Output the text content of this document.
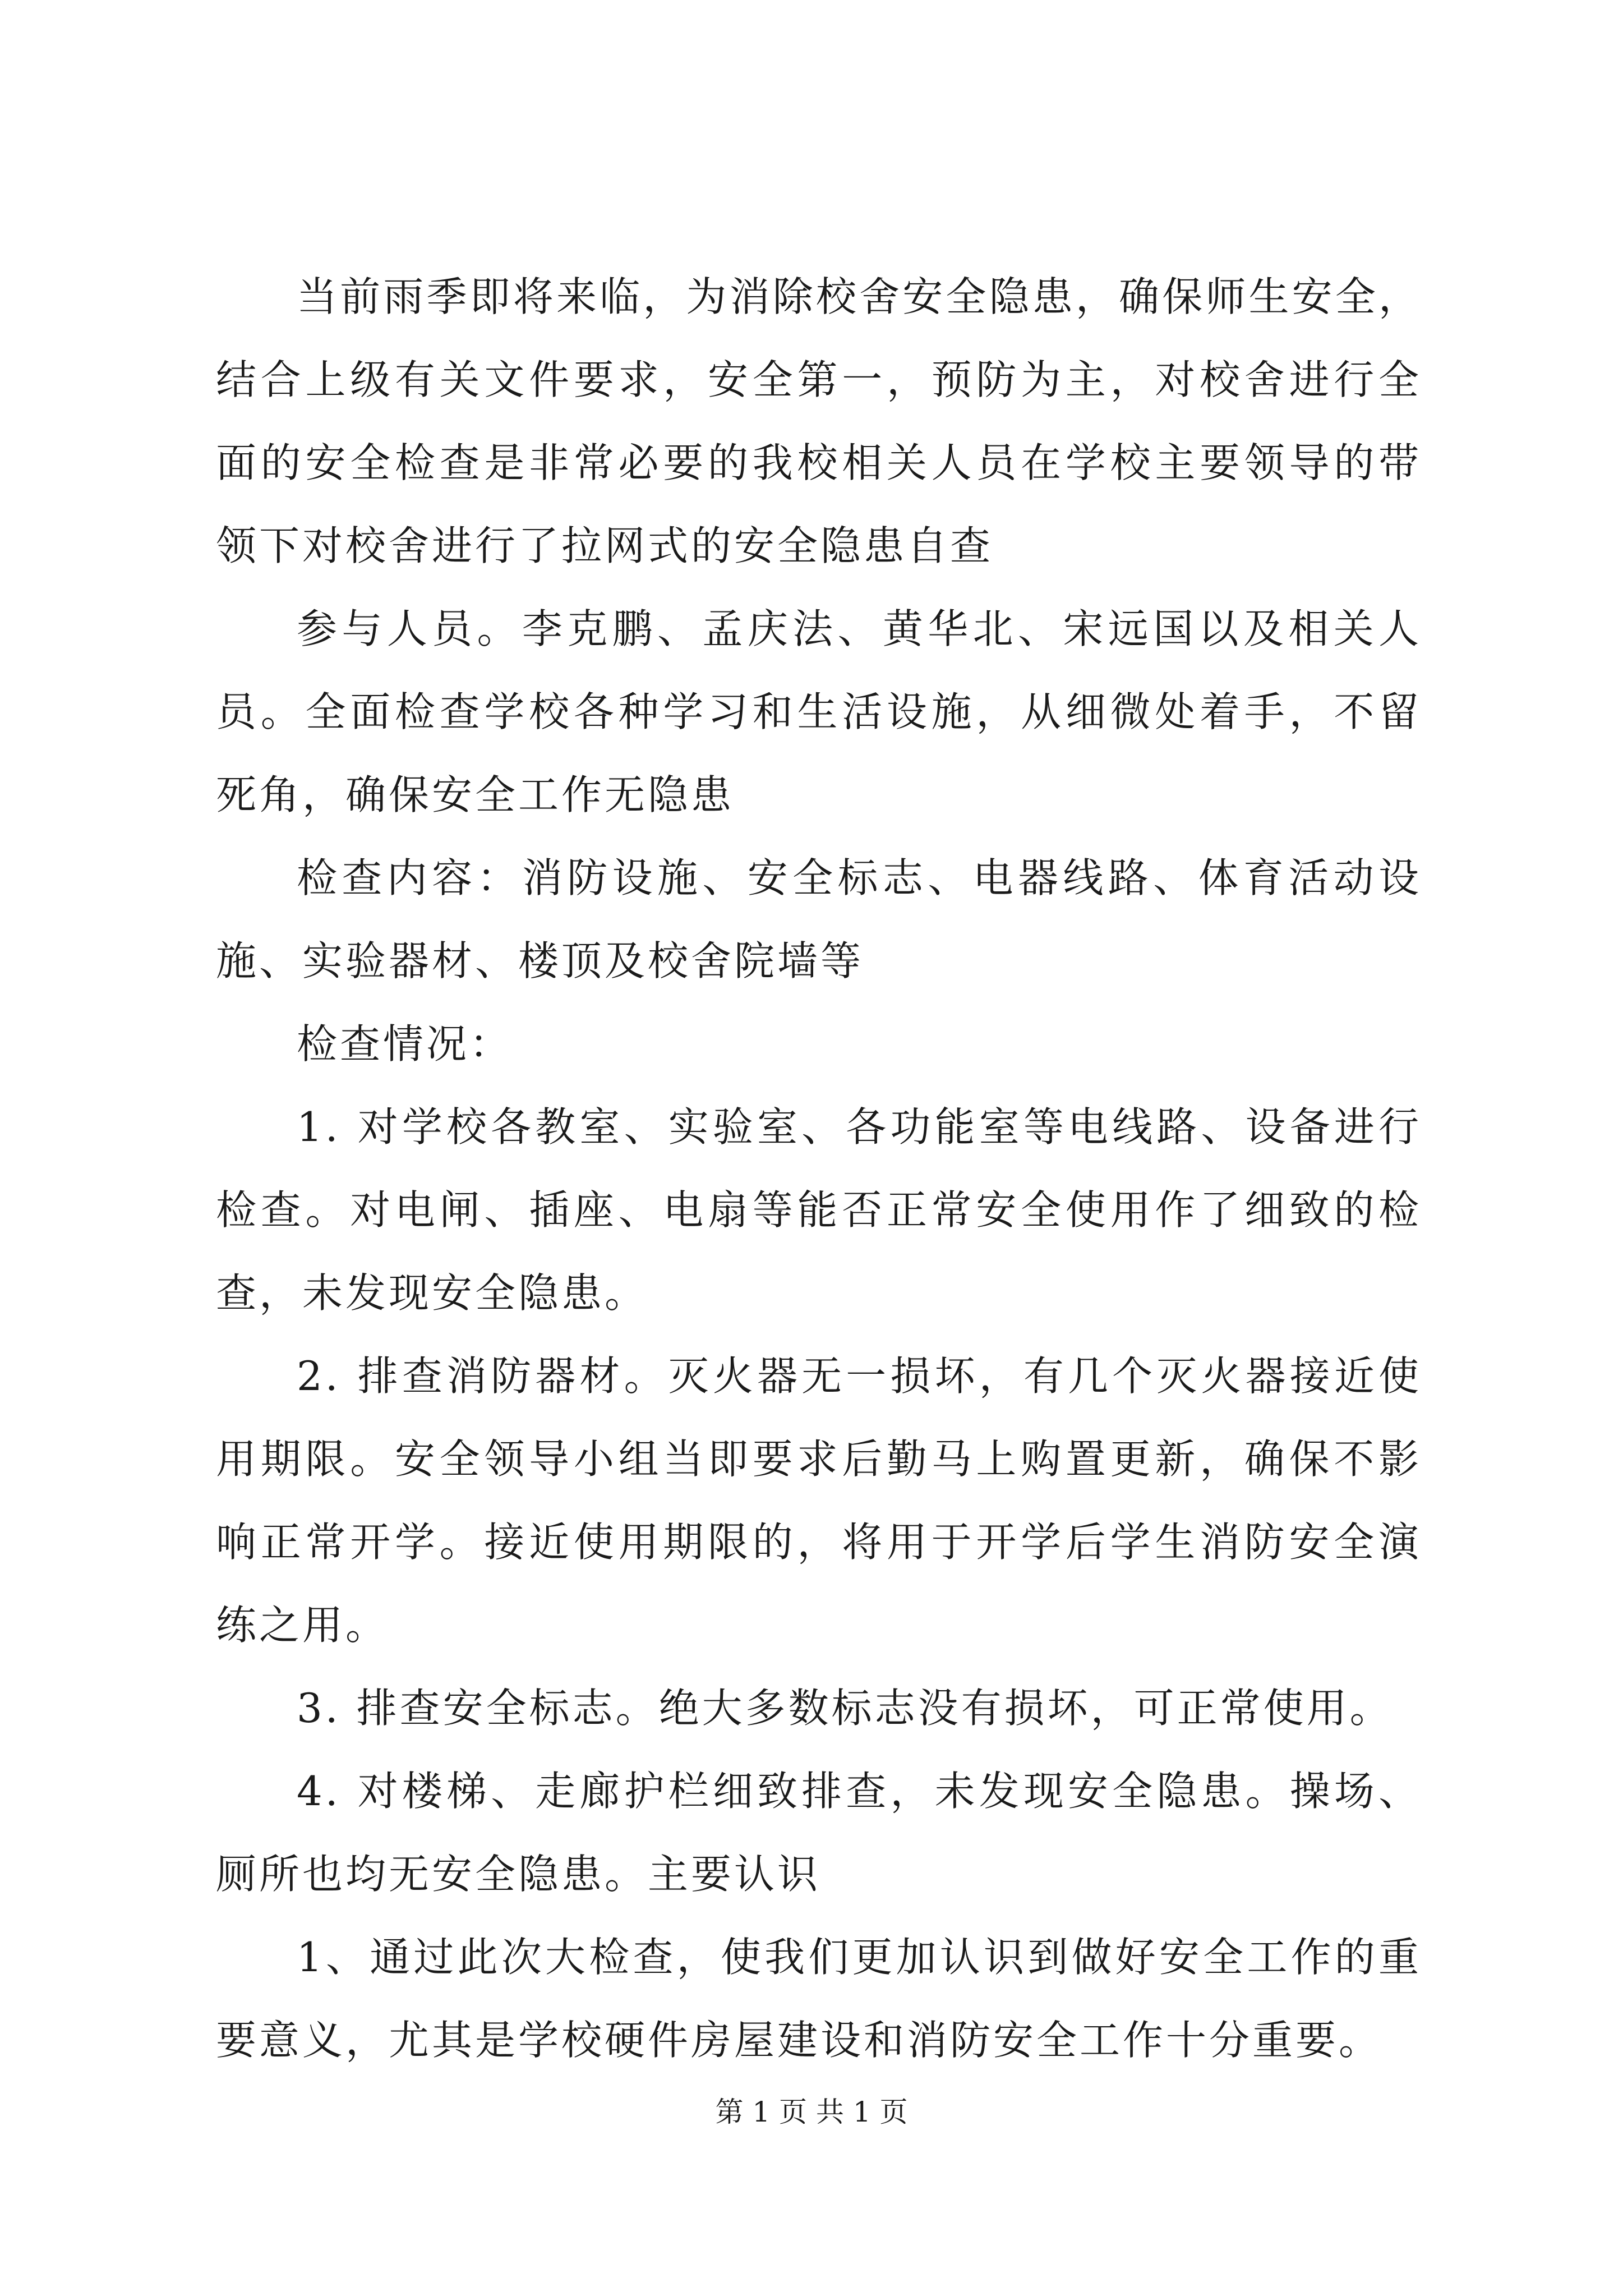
当前雨季即将来临，为消除校舍安全隐患，确保师生安全，结合上级有关文件要求，安全第一，预防为主，对校舍进行全面的安全检查是非常必要的我校相关人员在学校主要领导的带领下对校舍进行了拉网式的安全隐患自查

参与人员。李克鹏、孟庆法、黄华北、宋远国以及相关人员。全面检查学校各种学习和生活设施，从细微处着手，不留死角，确保安全工作无隐患

检查内容：消防设施、安全标志、电器线路、体育活动设施、实验器材、楼顶及校舍院墙等

检查情况：

1. 对学校各教室、实验室、各功能室等电线路、设备进行检查。对电闸、插座、电扇等能否正常安全使用作了细致的检查，未发现安全隐患。

2. 排查消防器材。灭火器无一损坏，有几个灭火器接近使用期限。安全领导小组当即要求后勤马上购置更新，确保不影响正常开学。接近使用期限的，将用于开学后学生消防安全演练之用。

3. 排查安全标志。绝大多数标志没有损坏，可正常使用。

4. 对楼梯、走廊护栏细致排查，未发现安全隐患。操场、厕所也均无安全隐患。主要认识

1、通过此次大检查，使我们更加认识到做好安全工作的重要意义，尤其是学校硬件房屋建设和消防安全工作十分重要。

第 1 页 共 1 页
